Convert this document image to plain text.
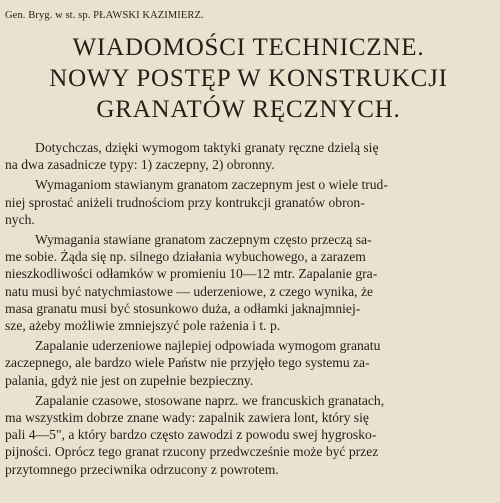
Gen. Bryg. w st. sp. PŁAWSKI KAZIMIERZ.
WIADOMOŚCI TECHNICZNE.
NOWY POSTĘP W KONSTRUKCJI
GRANATÓW RĘCZNYCH.
Dotychczas, dzięki wymogom taktyki granaty ręczne dzielą się
na dwa zasadnicze typy: 1) zaczepny, 2) obronny.
Wymaganiom stawianym granatom zaczepnym jest o wiele trud-
niej sprostać aniżeli trudnościom przy kontrukcji granatów obron-
nych.
Wymagania stawiane granatom zaczepnym często przeczą sa-
me sobie. Żąda się np. silnego działania wybuchowego, a zarazem
nieszkodliwości odłamków w promieniu 10—12 mtr. Zapalanie gra-
natu musi być natychmiastowe — uderzeniowe, z czego wynika, że
masa granatu musi być stosunkowo duża, a odłamki jaknajmniej-
sze, ażeby możliwie zmniejszyć pole rażenia i t. p.
Zapalanie uderzeniowe najlepiej odpowiada wymogom granatu
zaczepnego, ale bardzo wiele Państw nie przyjęło tego systemu za-
palania, gdyż nie jest on zupełnie bezpieczny.
Zapalanie czasowe, stosowane naprz. we francuskich granatach,
ma wszystkim dobrze znane wady: zapalnik zawiera lont, który się
pali 4—5", a który bardzo często zawodzi z powodu swej hygrosko-
pijności. Oprócz tego granat rzucony przedwcześnie może być przez
przytomnego przeciwnika odrzucony z powrotem.
